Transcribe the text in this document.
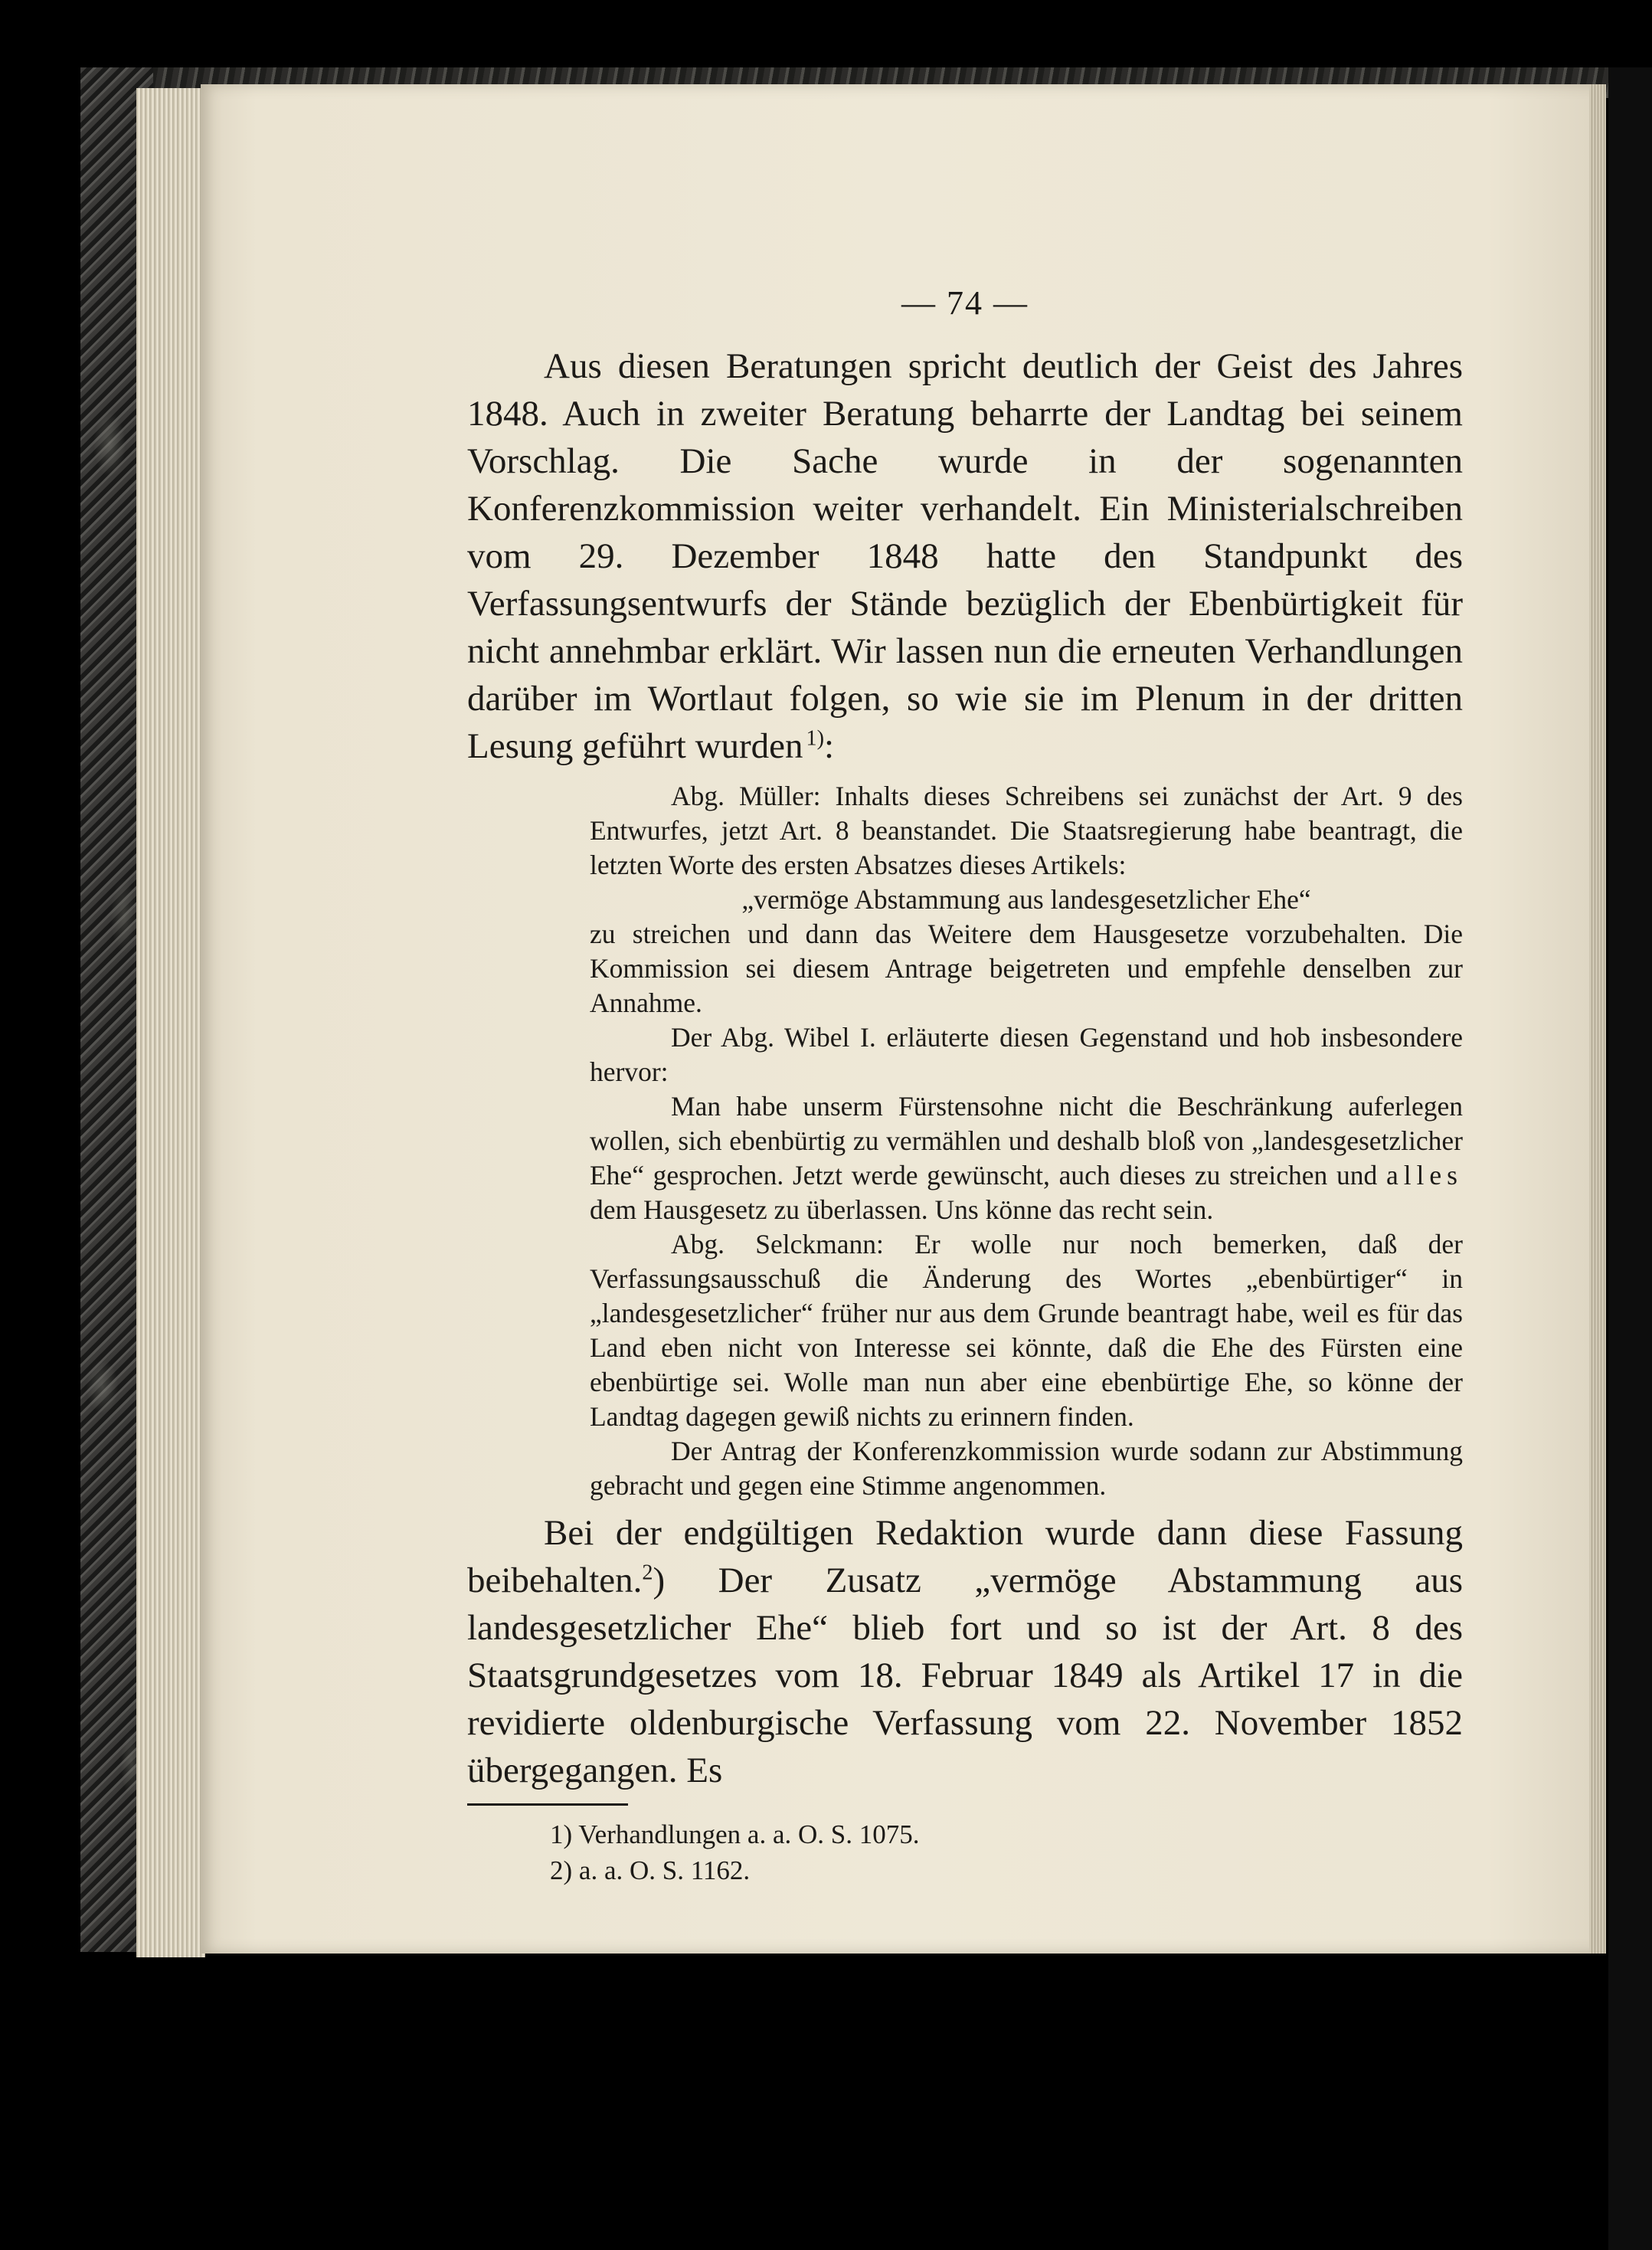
— 74 —

Aus diesen Beratungen spricht deutlich der Geist des Jahres 1848. Auch in zweiter Beratung beharrte der Landtag bei seinem Vorschlag. Die Sache wurde in der sogenannten Konferenzkommission weiter verhandelt. Ein Ministerialschreiben vom 29. Dezember 1848 hatte den Standpunkt des Verfassungsentwurfs der Stände bezüglich der Ebenbürtigkeit für nicht annehmbar erklärt. Wir lassen nun die erneuten Verhandlungen darüber im Wortlaut folgen, so wie sie im Plenum in der dritten Lesung geführt wurden  $^{1)}$:

Abg. Müller: Inhalts dieses Schreibens sei zunächst der Art. 9 des Entwurfes, jetzt Art. 8 beanstandet. Die Staatsregierung habe beantragt, die letzten Worte des ersten Absatzes dieses Artikels:

„vermöge Abstammung aus landesgesetzlicher Ehe“

zu streichen und dann das Weitere dem Hausgesetze vorzubehalten. Die Kommission sei diesem Antrage beigetreten und empfehle denselben zur Annahme.

Der Abg. Wibel I. erläuterte diesen Gegenstand und hob insbesondere hervor:

Man habe unserm Fürstensohne nicht die Beschränkung auferlegen wollen, sich ebenbürtig zu vermählen und deshalb bloß von „landesgesetzlicher Ehe“ gesprochen. Jetzt werde gewünscht, auch dieses zu streichen und alles dem Hausgesetz zu überlassen. Uns könne das recht sein.

Abg. Selckmann: Er wolle nur noch bemerken, daß der Verfassungsausschuß die Änderung des Wortes „ebenbürtiger“ in „landesgesetzlicher“ früher nur aus dem Grunde beantragt habe, weil es für das Land eben nicht von Interesse sei könnte, daß die Ehe des Fürsten eine ebenbürtige sei. Wolle man nun aber eine ebenbürtige Ehe, so könne der Landtag dagegen gewiß nichts zu erinnern finden.

Der Antrag der Konferenzkommission wurde sodann zur Abstimmung gebracht und gegen eine Stimme angenommen.

Bei der endgültigen Redaktion wurde dann diese Fassung beibehalten.$^2$) Der Zusatz „vermöge Abstammung aus landesgesetzlicher Ehe“ blieb fort und so ist der Art. 8 des Staatsgrundgesetzes vom 18. Februar 1849 als Artikel 17 in die revidierte oldenburgische Verfassung vom 22. November 1852 übergegangen. Es

1) Verhandlungen a. a. O. S. 1075.

2) a. a. O. S. 1162.
